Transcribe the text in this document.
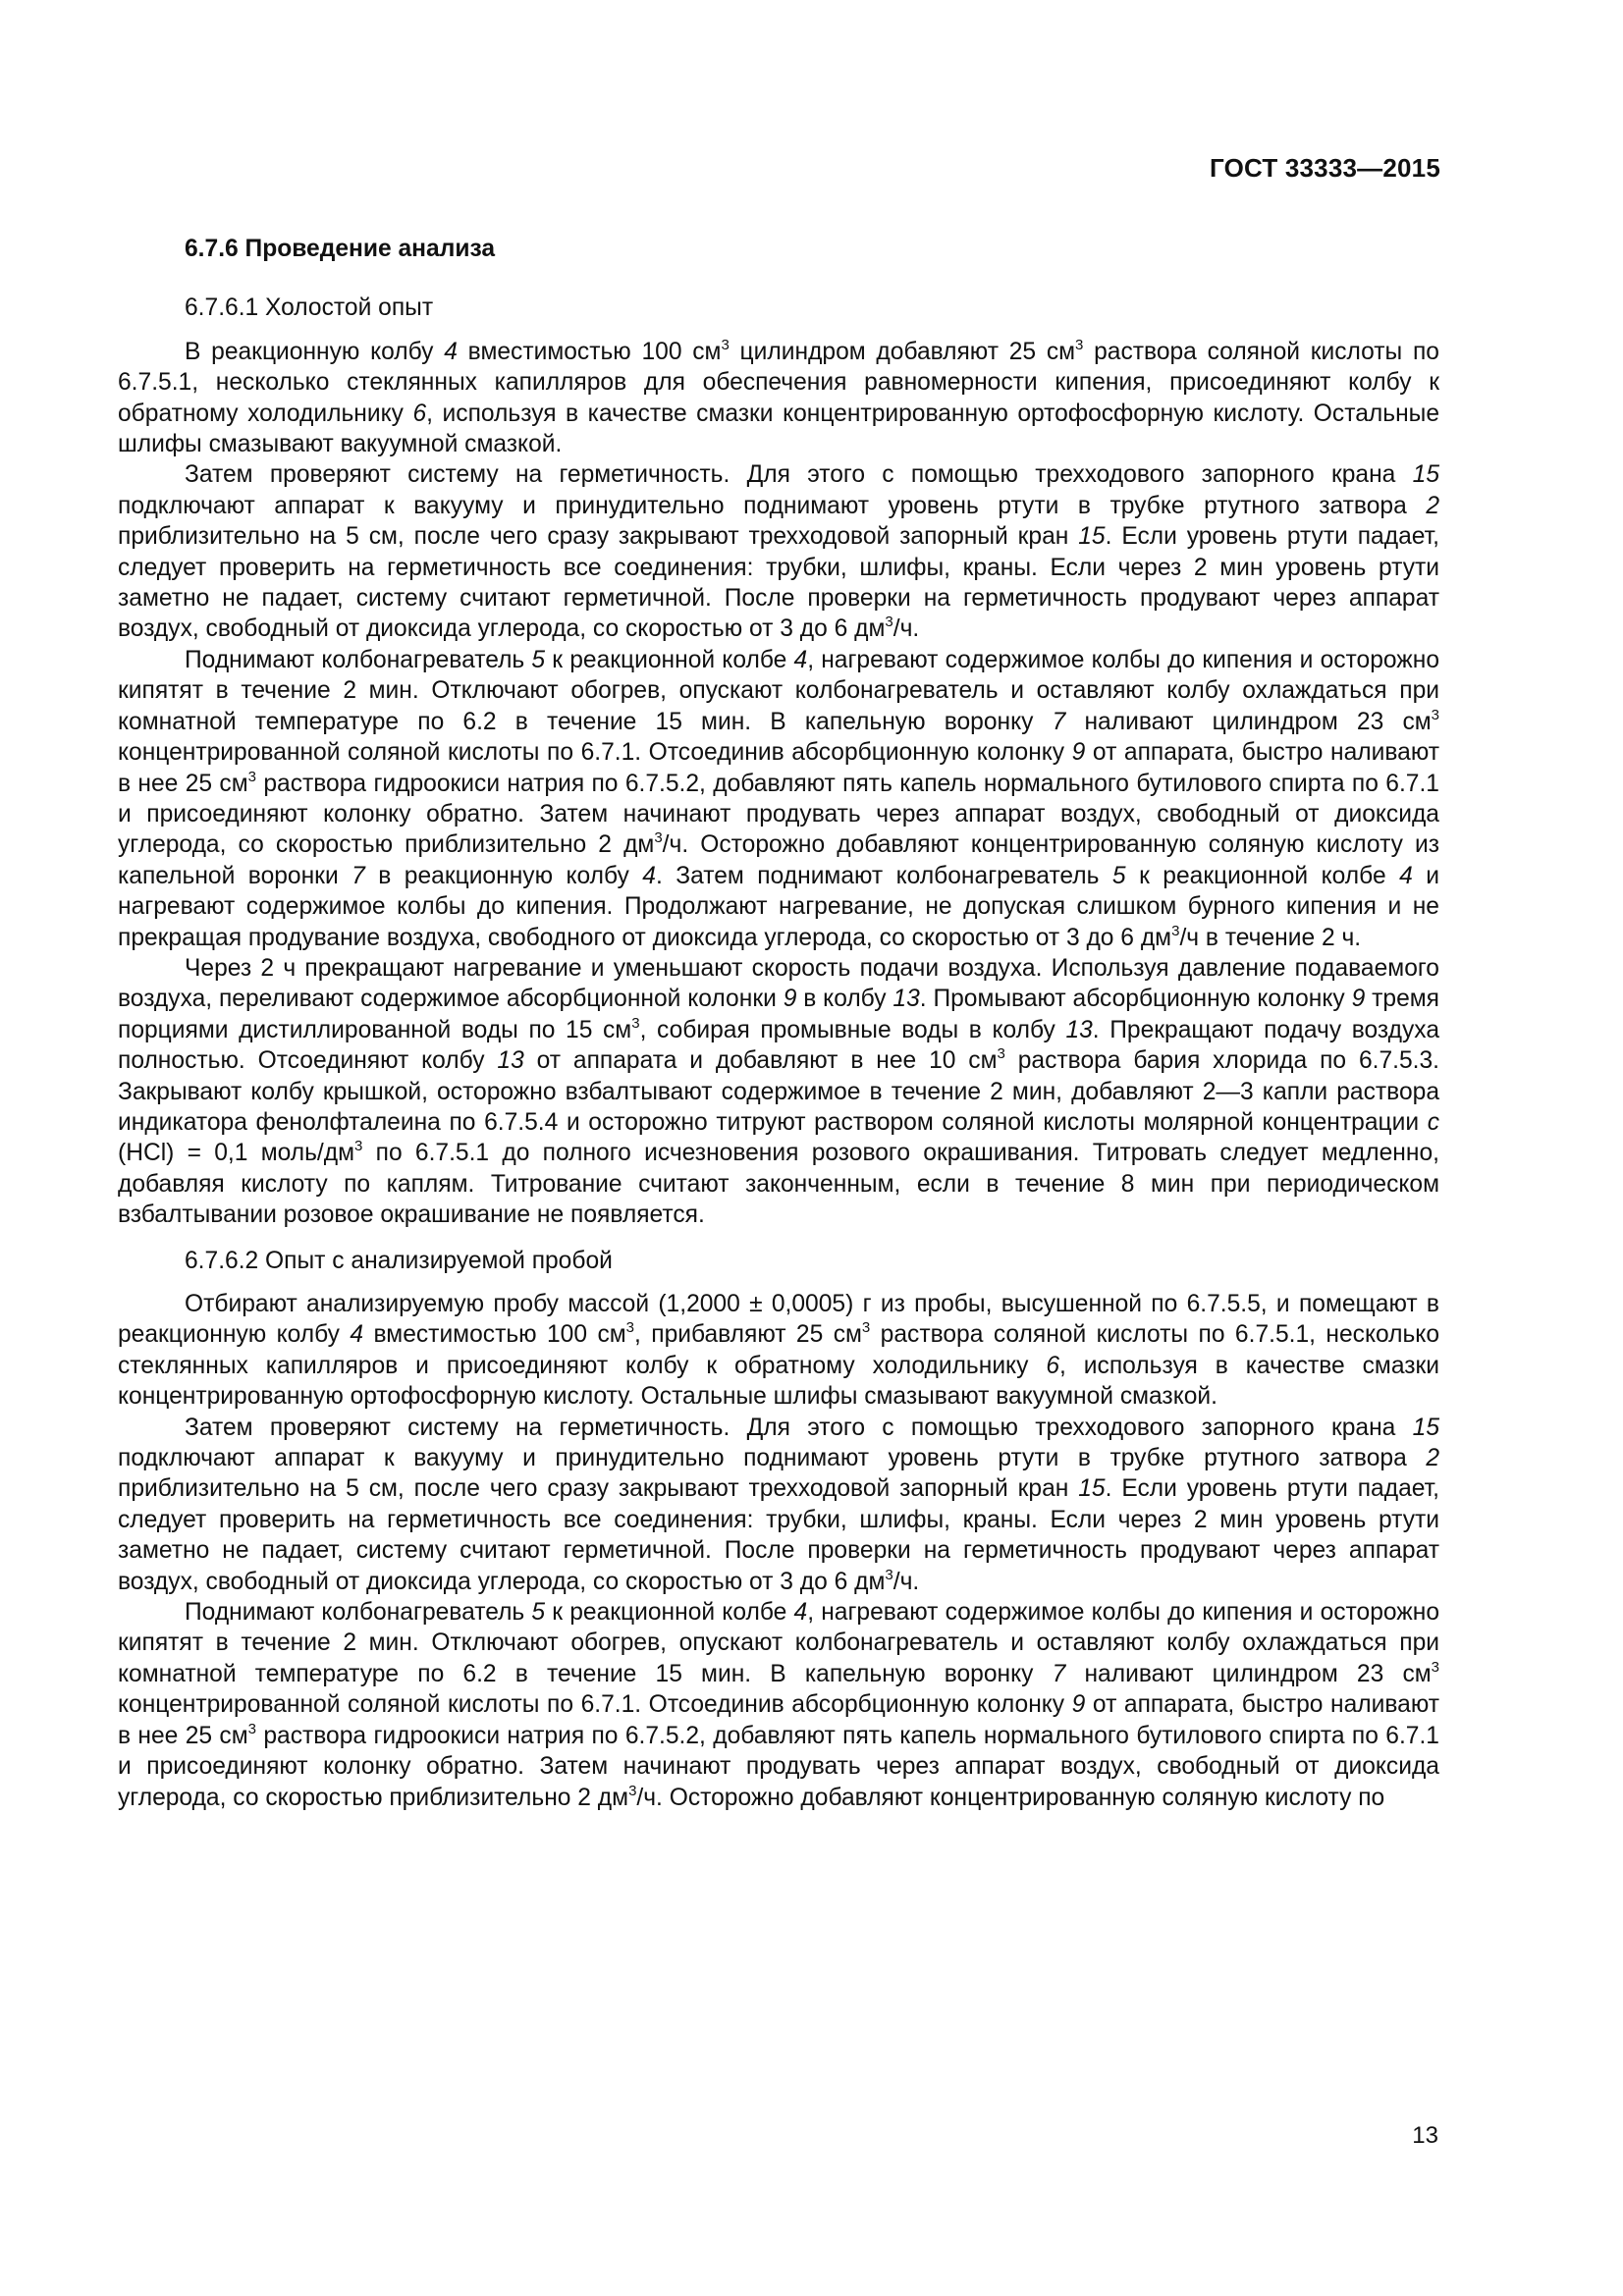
ГОСТ 33333—2015
6.7.6 Проведение анализа
6.7.6.1 Холостой опыт

В реакционную колбу 4 вместимостью 100 $см^3$ цилиндром добавляют 25 $см^3$ раствора соляной кислоты по 6.7.5.1, несколько стеклянных капилляров для обеспечения равномерности кипения, присоединяют колбу к обратному холодильнику 6, используя в качестве смазки концентрированную ортофосфорную кислоту. Остальные шлифы смазывают вакуумной смазкой.

Затем проверяют систему на герметичность. Для этого с помощью трехходового запорного крана 15 подключают аппарат к вакууму и принудительно поднимают уровень ртути в трубке ртутного затвора 2 приблизительно на 5 см, после чего сразу закрывают трехходовой запорный кран 15. Если уровень ртути падает, следует проверить на герметичность все соединения: трубки, шлифы, краны. Если через 2 мин уровень ртути заметно не падает, систему считают герметичной. После проверки на герметичность продувают через аппарат воздух, свободный от диоксида углерода, со скоростью от 3 до 6 $дм^3/ч$.

Поднимают колбонагреватель 5 к реакционной колбе 4, нагревают содержимое колбы до кипения и осторожно кипятят в течение 2 мин. Отключают обогрев, опускают колбонагреватель и оставляют колбу охлаждаться при комнатной температуре по 6.2 в течение 15 мин. В капельную воронку 7 наливают цилиндром 23 $см^3$ концентрированной соляной кислоты по 6.7.1. Отсоединив абсорбционную колонку 9 от аппарата, быстро наливают в нее 25 $см^3$ раствора гидроокиси натрия по 6.7.5.2, добавляют пять капель нормального бутилового спирта по 6.7.1 и присоединяют колонку обратно. Затем начинают продувать через аппарат воздух, свободный от диоксида углерода, со скоростью приблизительно 2 $дм^3/ч$. Осторожно добавляют концентрированную соляную кислоту из капельной воронки 7 в реакционную колбу 4. Затем поднимают колбонагреватель 5 к реакционной колбе 4 и нагревают содержимое колбы до кипения. Продолжают нагревание, не допуская слишком бурного кипения и не прекращая продувание воздуха, свободного от диоксида углерода, со скоростью от 3 до 6 $дм^3/ч$ в течение 2 ч.

Через 2 ч прекращают нагревание и уменьшают скорость подачи воздуха. Используя давление подаваемого воздуха, переливают содержимое абсорбционной колонки 9 в колбу 13. Промывают абсорбционную колонку 9 тремя порциями дистиллированной воды по 15 $см^3$, собирая промывные воды в колбу 13. Прекращают подачу воздуха полностью. Отсоединяют колбу 13 от аппарата и добавляют в нее 10 $см^3$ раствора бария хлорида по 6.7.5.3. Закрывают колбу крышкой, осторожно взбалтывают содержимое в течение 2 мин, добавляют 2—3 капли раствора индикатора фенолфталеина по 6.7.5.4 и осторожно титруют раствором соляной кислоты молярной концентрации c (HCl) = 0,1 моль/$дм^3$ по 6.7.5.1 до полного исчезновения розового окрашивания. Титровать следует медленно, добавляя кислоту по каплям. Титрование считают законченным, если в течение 8 мин при периодическом взбалтывании розовое окрашивание не появляется.

6.7.6.2 Опыт с анализируемой пробой

Отбирают анализируемую пробу массой (1,2000 ± 0,0005) г из пробы, высушенной по 6.7.5.5, и помещают в реакционную колбу 4 вместимостью 100 $см^3$, прибавляют 25 $см^3$ раствора соляной кислоты по 6.7.5.1, несколько стеклянных капилляров и присоединяют колбу к обратному холодильнику 6, используя в качестве смазки концентрированную ортофосфорную кислоту. Остальные шлифы смазывают вакуумной смазкой.

Затем проверяют систему на герметичность. Для этого с помощью трехходового запорного крана 15 подключают аппарат к вакууму и принудительно поднимают уровень ртути в трубке ртутного затвора 2 приблизительно на 5 см, после чего сразу закрывают трехходовой запорный кран 15. Если уровень ртути падает, следует проверить на герметичность все соединения: трубки, шлифы, краны. Если через 2 мин уровень ртути заметно не падает, систему считают герметичной. После проверки на герметичность продувают через аппарат воздух, свободный от диоксида углерода, со скоростью от 3 до 6 $дм^3/ч$.

Поднимают колбонагреватель 5 к реакционной колбе 4, нагревают содержимое колбы до кипения и осторожно кипятят в течение 2 мин. Отключают обогрев, опускают колбонагреватель и оставляют колбу охлаждаться при комнатной температуре по 6.2 в течение 15 мин. В капельную воронку 7 наливают цилиндром 23 $см^3$ концентрированной соляной кислоты по 6.7.1. Отсоединив абсорбционную колонку 9 от аппарата, быстро наливают в нее 25 $см^3$ раствора гидроокиси натрия по 6.7.5.2, добавляют пять капель нормального бутилового спирта по 6.7.1 и присоединяют колонку обратно. Затем начинают продувать через аппарат воздух, свободный от диоксида углерода, со скоростью приблизительно 2 $дм^3/ч$. Осторожно добавляют концентрированную соляную кислоту по

13
